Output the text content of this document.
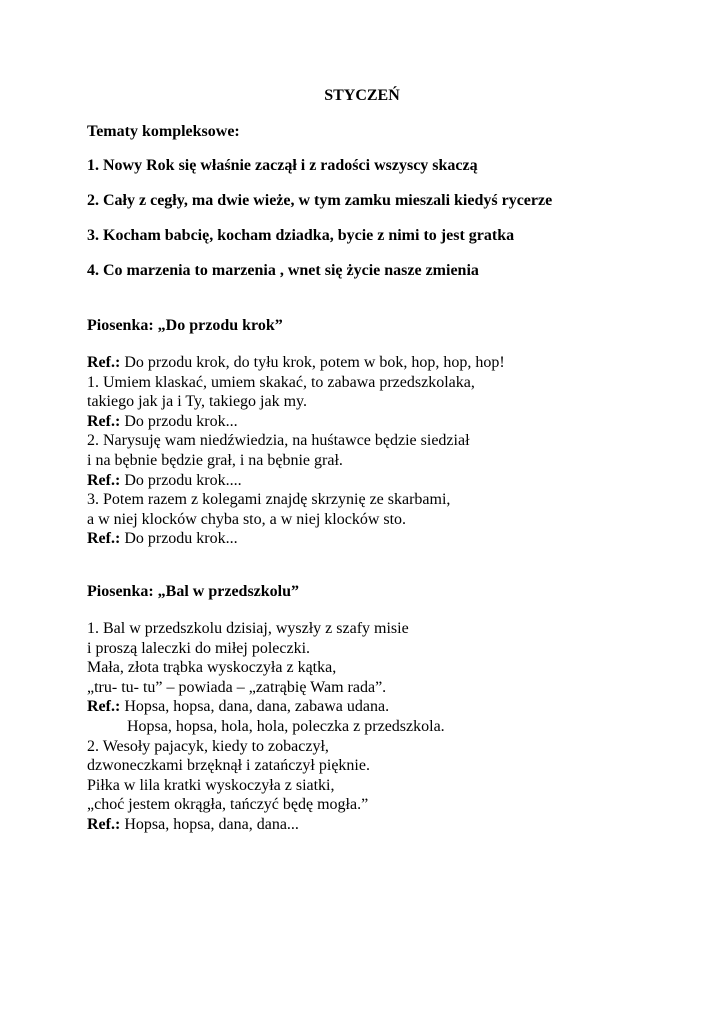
STYCZEŃ
Tematy kompleksowe:
1. Nowy Rok się właśnie zaczął i z radości wszyscy skaczą
2. Cały z cegły, ma dwie wieże, w tym zamku mieszali kiedyś rycerze
3. Kocham babcię, kocham dziadka, bycie z nimi to jest gratka
4. Co marzenia to marzenia , wnet się życie nasze zmienia
Piosenka: „Do przodu krok”
Ref.: Do przodu krok, do tyłu krok, potem w bok, hop, hop, hop!
1. Umiem klaskać, umiem skakać, to zabawa przedszkolaka,
takiego jak ja i Ty, takiego jak my.
Ref.: Do przodu krok...
2. Narysuję wam niedźwiedzia, na huśtawce będzie siedział
i na bębnie będzie grał, i na bębnie grał.
Ref.: Do przodu krok....
3. Potem razem z kolegami znajdę skrzynię ze skarbami,
a w niej klocków chyba sto, a w niej klocków sto.
Ref.: Do przodu krok...
Piosenka: „Bal w przedszkolu”
1. Bal w przedszkolu dzisiaj, wyszły z szafy misie
i proszą laleczki do miłej poleczki.
Mała, złota trąbka wyskoczyła z kątka,
„tru- tu- tu” – powiada – „zatrąbię Wam rada”.
Ref.: Hopsa, hopsa, dana, dana, zabawa udana.
Hopsa, hopsa, hola, hola, poleczka z przedszkola.
2. Wesoły pajacyk, kiedy to zobaczył,
dzwoneczkami brzęknął i zatańczył pięknie.
Piłka w lila kratki wyskoczyła z siatki,
„choć jestem okrągła, tańczyć będę mogła.”
Ref.: Hopsa, hopsa, dana, dana...
